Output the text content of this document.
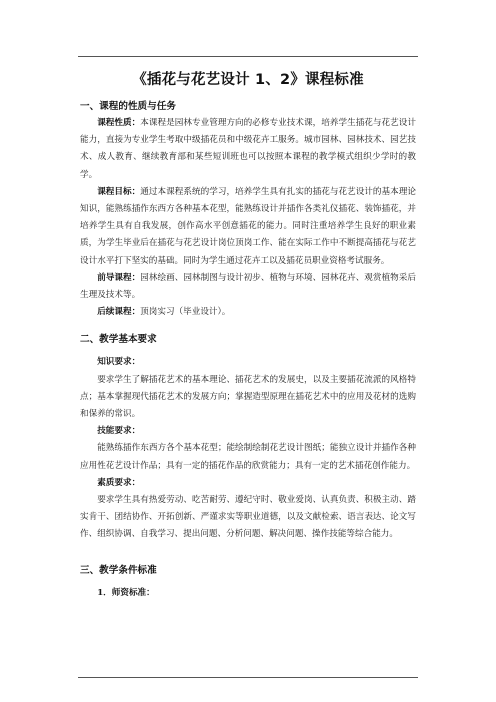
《插花与花艺设计 1、2》课程标准
一、课程的性质与任务

课程性质：本课程是园林专业管理方向的必修专业技术课，培养学生插花与花艺设计能力，直接为专业学生考取中级插花员和中级花卉工服务。城市园林、园林技术、园艺技术、成人教育、继续教育部和某些短训班也可以按照本课程的教学模式组织少学时的教学。

课程目标：通过本课程系统的学习，培养学生具有扎实的插花与花艺设计的基本理论知识，能熟练插作东西方各种基本花型，能熟练设计并插作各类礼仪插花、装饰插花，并培养学生具有自我发展，创作高水平创意插花的能力。同时注重培养学生良好的职业素质，为学生毕业后在插花与花艺设计岗位顶岗工作、能在实际工作中不断提高插花与花艺设计水平打下坚实的基础。同时为学生通过花卉工以及插花员职业资格考试服务。

前导课程：园林绘画、园林制图与设计初步、植物与环境、园林花卉、观赏植物采后生理及技术等。

后续课程：顶岗实习（毕业设计）。

二、教学基本要求

知识要求：

要求学生了解插花艺术的基本理论、插花艺术的发展史，以及主要插花流派的风格特点；基本掌握现代插花艺术的发展方向；掌握造型原理在插花艺术中的应用及花材的选购和保养的常识。

技能要求：

能熟练插作东西方各个基本花型；能绘制绘制花艺设计图纸；能独立设计并插作各种应用性花艺设计作品；具有一定的插花作品的欣赏能力；具有一定的艺术插花创作能力。

素质要求：

要求学生具有热爱劳动、吃苦耐劳、遵纪守时、敬业爱岗、认真负责、积极主动、踏实肯干、团结协作、开拓创新、严谨求实等职业道德，以及文献检索、语言表达、论文写作、组织协调、自我学习、提出问题、分析问题、解决问题、操作技能等综合能力。

三、教学条件标准

1．师资标准：
